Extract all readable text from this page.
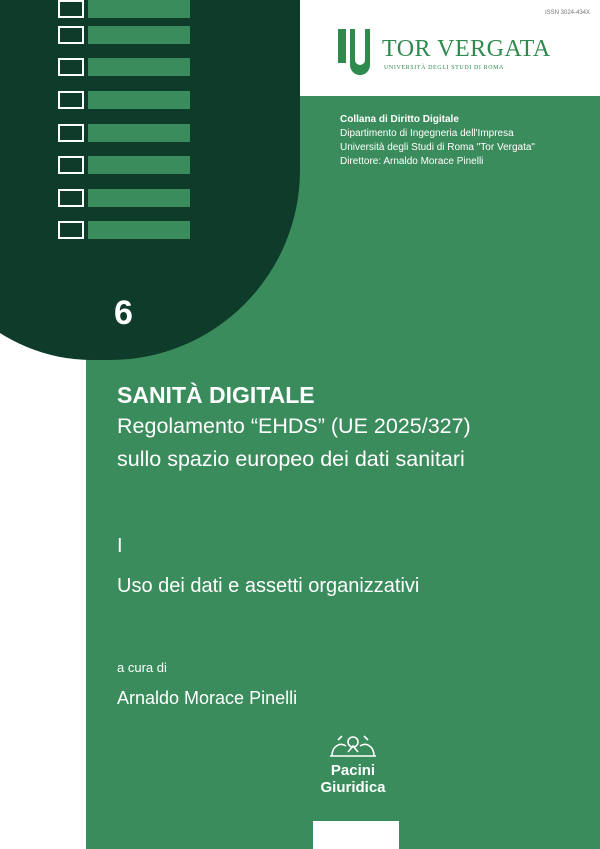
6
ISSN 3024-434X
TOR VERGATA
UNIVERSITÀ DEGLI STUDI DI ROMA
Collana di Diritto Digitale
Dipartimento di Ingegneria dell'Impresa
Università degli Studi di Roma "Tor Vergata"
Direttore: Arnaldo Morace Pinelli
SANITÀ DIGITALE
Regolamento “EHDS” (UE 2025/327)
sullo spazio europeo dei dati sanitari
I
Uso dei dati e assetti organizzativi
a cura di
Arnaldo Morace Pinelli
Pacini
Giuridica
